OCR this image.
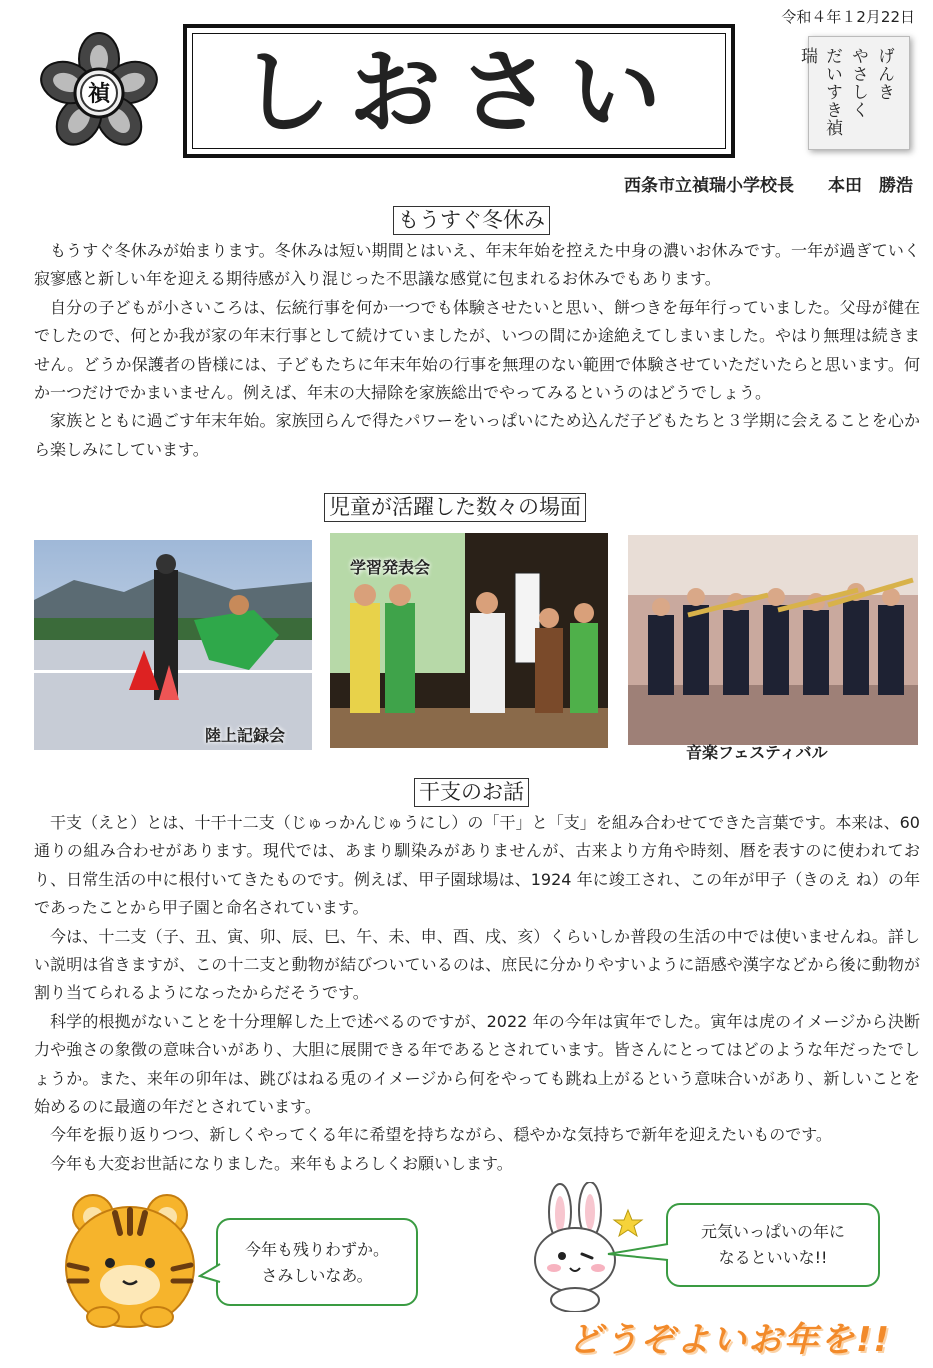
令和４年１2月22日
禎	しおさい	げんき
やさしく
だいすき禎瑞
西条市立禎瑞小学校長　　本田　勝浩
もうすぐ冬休み

もうすぐ冬休みが始まります。冬休みは短い期間とはいえ、年末年始を控えた中身の濃いお休みです。一年が過ぎていく寂寥感と新しい年を迎える期待感が入り混じった不思議な感覚に包まれるお休みでもあります。

自分の子どもが小さいころは、伝統行事を何か一つでも体験させたいと思い、餅つきを毎年行っていました。父母が健在でしたので、何とか我が家の年末行事として続けていましたが、いつの間にか途絶えてしまいました。やはり無理は続きません。どうか保護者の皆様には、子どもたちに年末年始の行事を無理のない範囲で体験させていただいたらと思います。何か一つだけでかまいません。例えば、年末の大掃除を家族総出でやってみるというのはどうでしょう。

家族とともに過ごす年末年始。家族団らんで得たパワーをいっぱいにため込んだ子どもたちと３学期に会えることを心から楽しみにしています。

児童が活躍した数々の場面
陸上記録会
学習発表会
音楽フェスティバル
干支のお話

干支（えと）とは、十干十二支（じゅっかんじゅうにし）の「干」と「支」を組み合わせてできた言葉です。本来は、60 通りの組み合わせがあります。現代では、あまり馴染みがありませんが、古来より方角や時刻、暦を表すのに使われており、日常生活の中に根付いてきたものです。例えば、甲子園球場は、1924 年に竣工され、この年が甲子（きのえ ね）の年であったことから甲子園と命名されています。

今は、十二支（子、丑、寅、卯、辰、巳、午、未、申、酉、戌、亥）くらいしか普段の生活の中では使いませんね。詳しい説明は省きますが、この十二支と動物が結びついているのは、庶民に分かりやすいように語感や漢字などから後に動物が割り当てられるようになったからだそうです。

科学的根拠がないことを十分理解した上で述べるのですが、2022 年の今年は寅年でした。寅年は虎のイメージから決断力や強さの象徴の意味合いがあり、大胆に展開できる年であるとされています。皆さんにとってはどのような年だったでしょうか。また、来年の卯年は、跳びはねる兎のイメージから何をやっても跳ね上がるという意味合いがあり、新しいことを始めるのに最適の年だとされています。

今年を振り返りつつ、新しくやってくる年に希望を持ちながら、穏やかな気持ちで新年を迎えたいものです。

今年も大変お世話になりました。来年もよろしくお願いします。

今年も残りわずか。
さみしいなあ。
元気いっぱいの年に
なるといいな!!
どうぞよいお年を!!
